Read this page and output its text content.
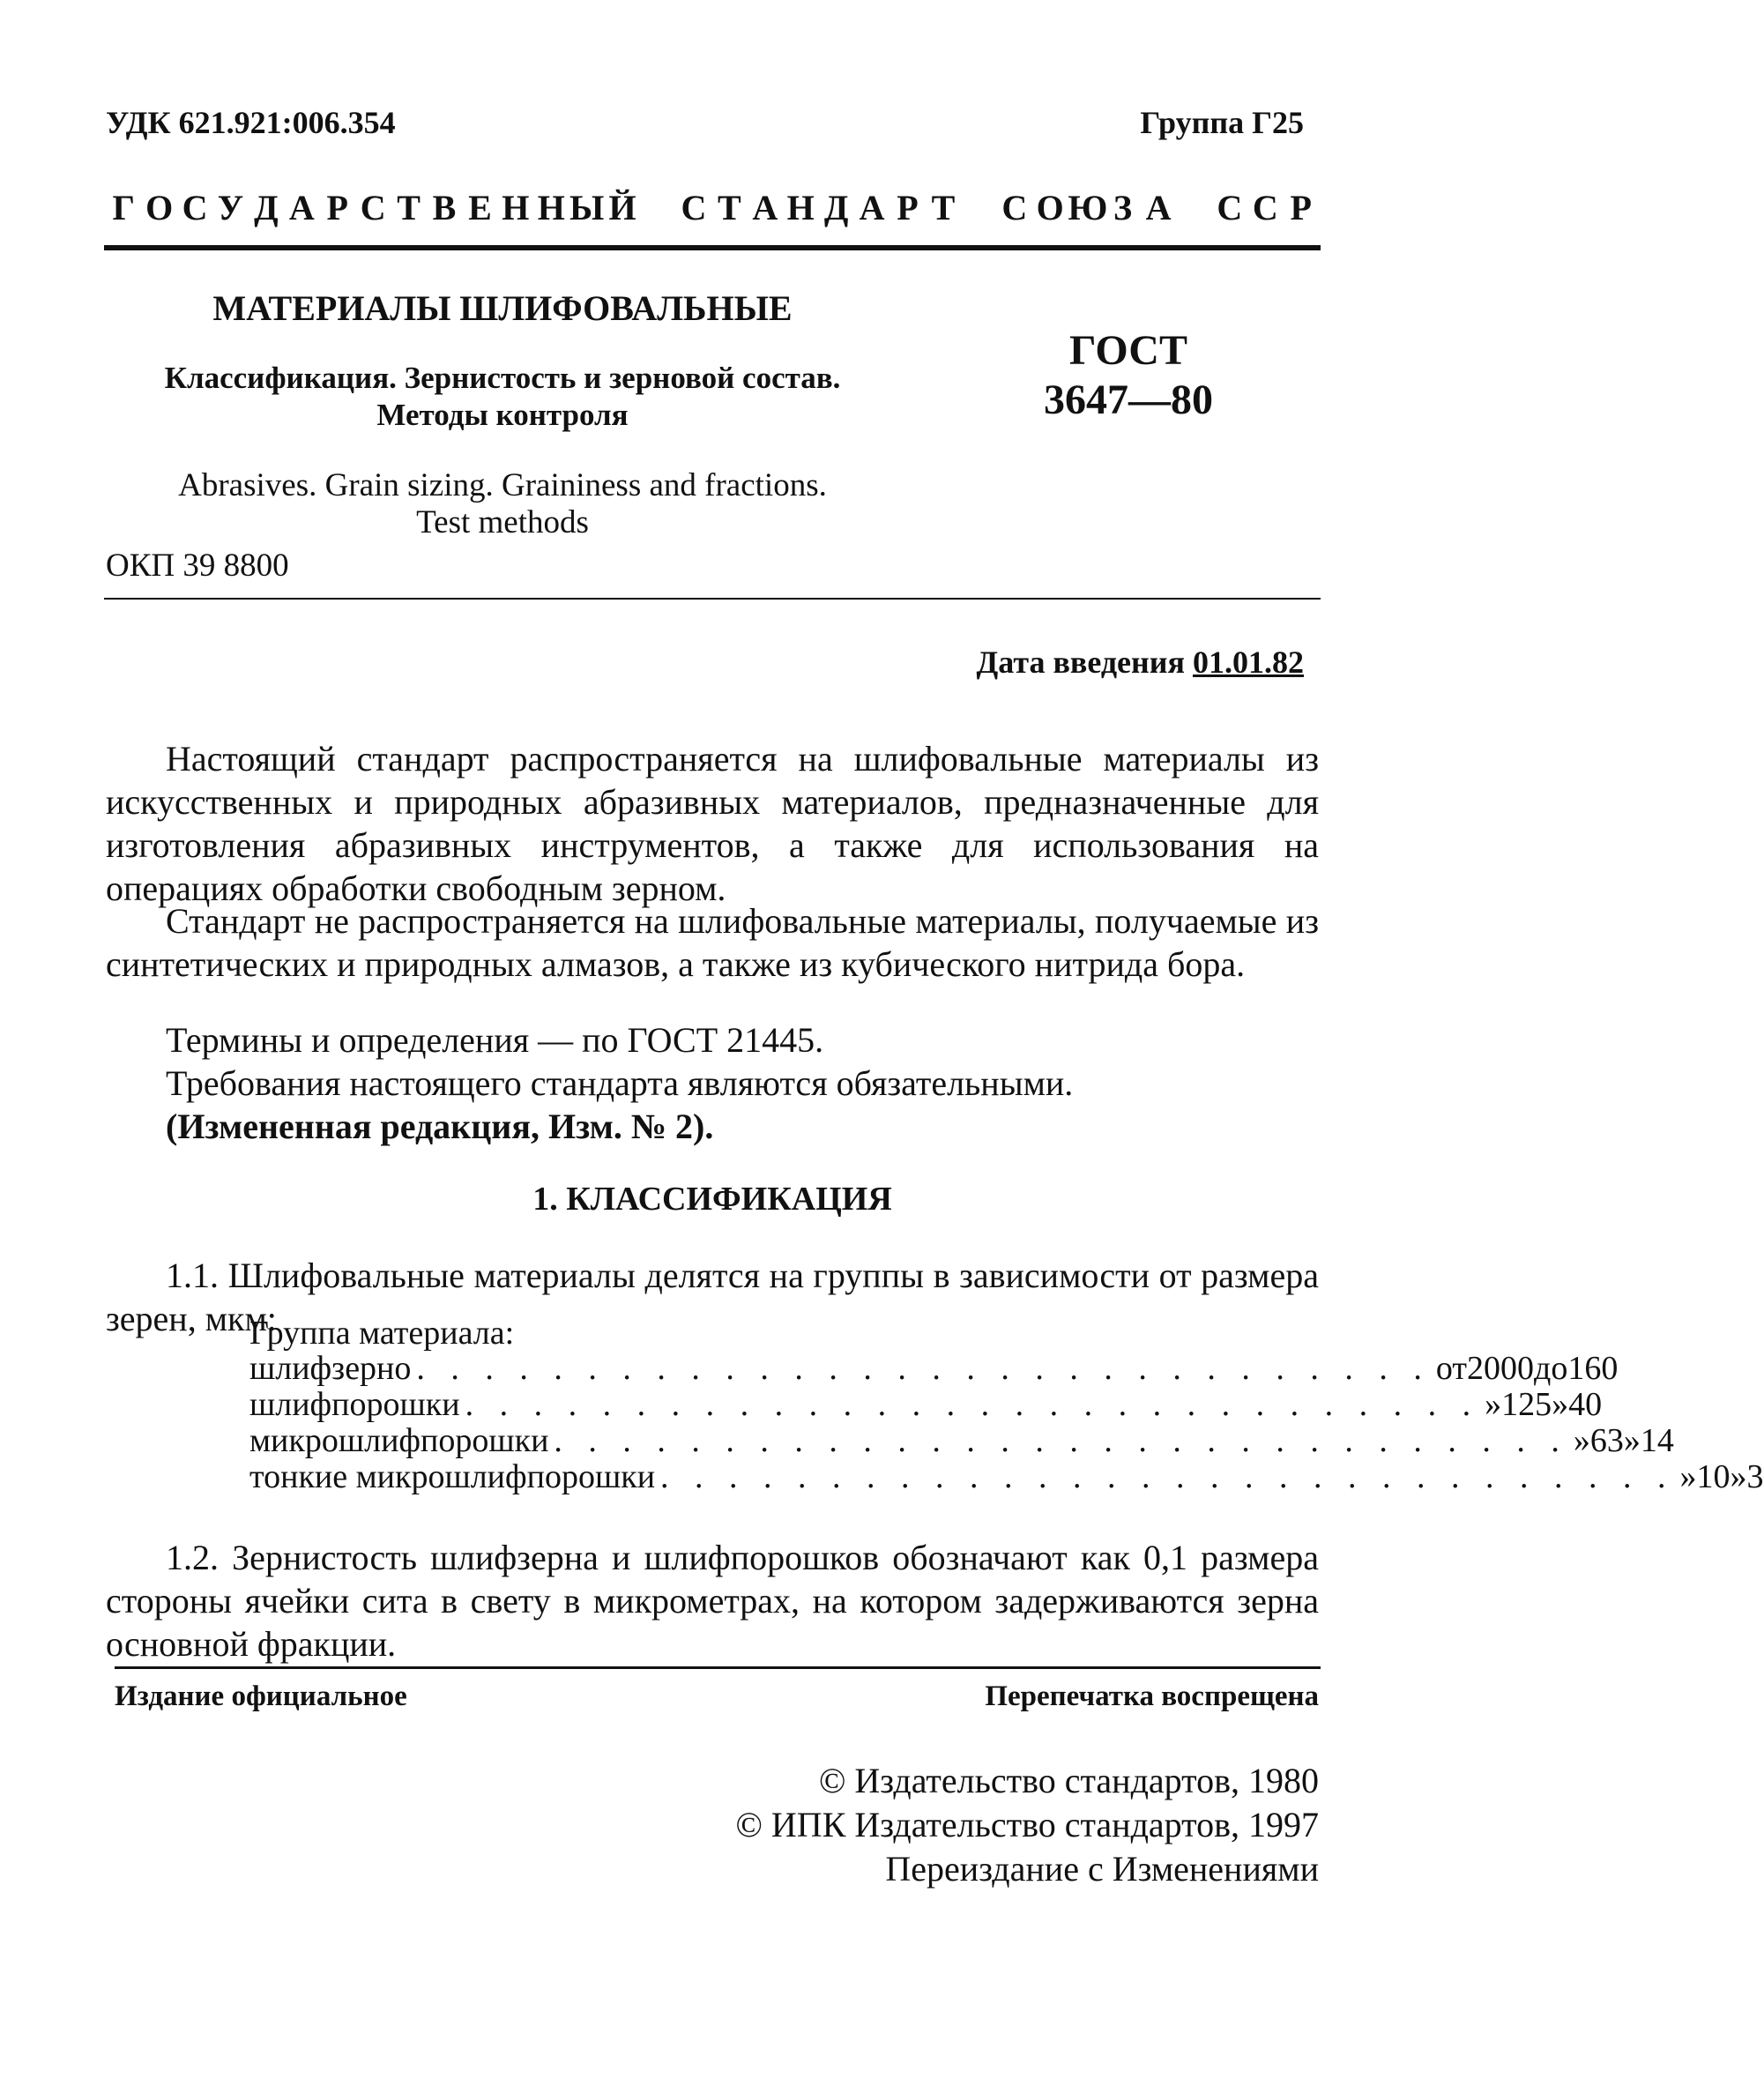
УДК 621.921:006.354	Группа Г25
Г О С У Д А Р С Т В Е Н Н Ы Й
С Т А Н Д А Р Т
С О Ю З А
С С Р
МАТЕРИАЛЫ ШЛИФОВАЛЬНЫЕ
Классификация. Зернистость и зерновой состав.
Методы контроля
ГОСТ
3647—80
Abrasives. Grain sizing. Graininess and fractions.
Test methods
ОКП 39 8800
Дата введения 01.01.82
Настоящий стандарт распространяется на шлифовальные материалы из искусственных и природных абразивных материалов, предназначенные для изготовления абразивных инструментов, а также для использования на операциях обработки свободным зерном.
Стандарт не распространяется на шлифовальные материалы, получаемые из синтетических и природных алмазов, а также из кубического нитрида бора.
Термины и определения — по ГОСТ 21445.
Требования настоящего стандарта являются обязательными.
(Измененная редакция, Изм. № 2).
1. КЛАССИФИКАЦИЯ
1.1. Шлифовальные материалы делятся на группы в зависимости от размера зерен, мкм:
Группа материала:
шлифзерно . . . . . . . . . . . . . . . . . . . . . . . . . . . . . . от 2000 до 160
шлифпорошки . . . . . . . . . . . . . . . . . . . . . . . . . . . . . . » 125 » 40
микрошлифпорошки . . . . . . . . . . . . . . . . . . . . . . . . . . . . . . » 63 » 14
тонкие микрошлифпорошки . . . . . . . . . . . . . . . . . . . . . . . . . . . . . . » 10 » 3
1.2. Зернистость шлифзерна и шлифпорошков обозначают как 0,1 размера стороны ячейки сита в свету в микрометрах, на котором задерживаются зерна основной фракции.
Издание официальное	Перепечатка воспрещена
© Издательство стандартов, 1980
© ИПК Издательство стандартов, 1997
Переиздание с Изменениями
